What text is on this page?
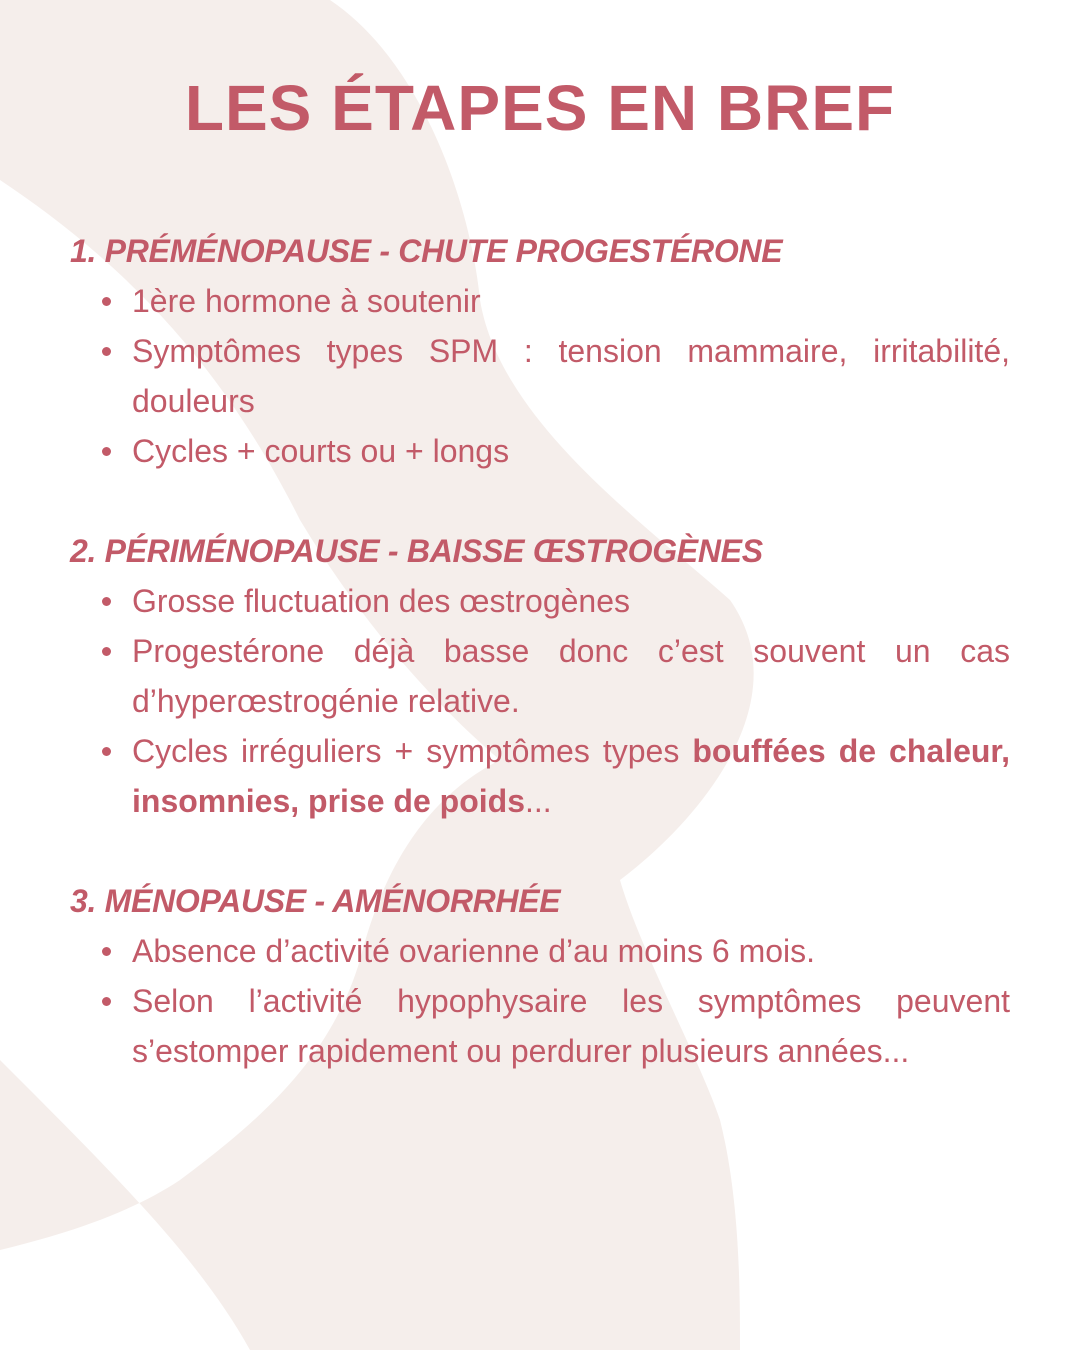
LES ÉTAPES EN BREF
1. PRÉMÉNOPAUSE - CHUTE PROGESTÉRONE
1ère hormone à soutenir
Symptômes types SPM : tension mammaire, irritabilité, douleurs
Cycles + courts ou + longs
2. PÉRIMÉNOPAUSE - BAISSE ŒSTROGÈNES
Grosse fluctuation des œstrogènes
Progestérone déjà basse donc c’est souvent un cas d’hyperœstrogénie relative.
Cycles irréguliers + symptômes types bouffées de chaleur, insomnies, prise de poids...
3. MÉNOPAUSE - AMÉNORRHÉE
Absence d’activité ovarienne d’au moins 6 mois.
Selon l’activité hypophysaire les symptômes peuvent s’estomper rapidement ou perdurer plusieurs années...
